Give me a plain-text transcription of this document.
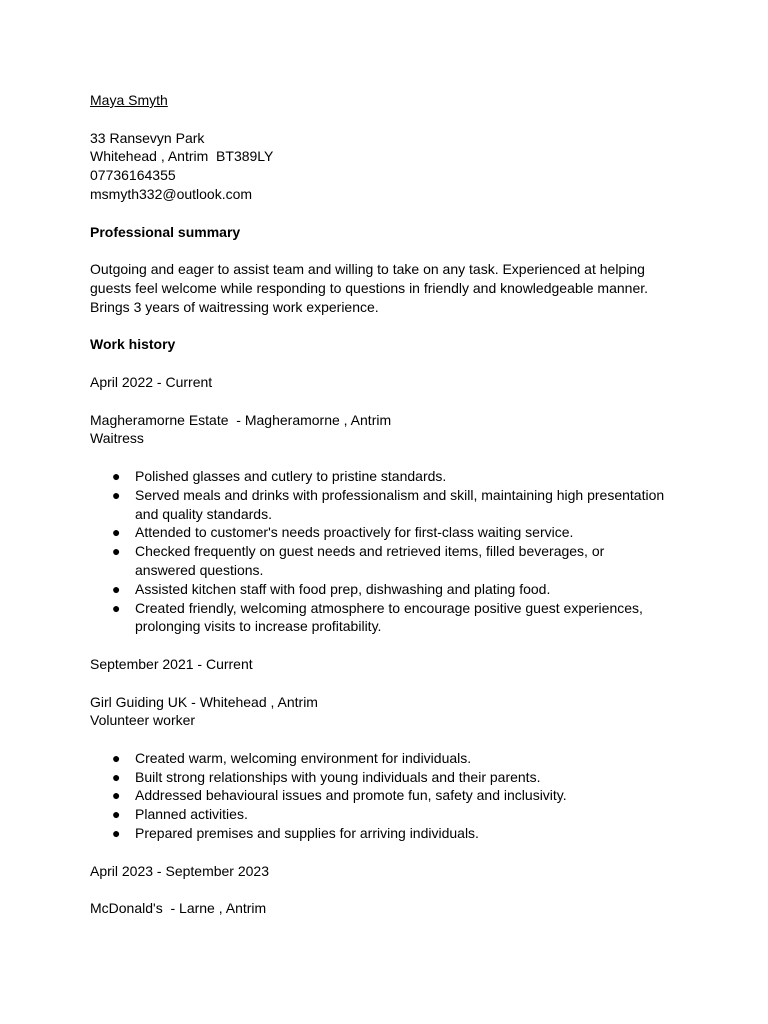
Maya Smyth
33 Ransevyn Park
Whitehead , Antrim  BT389LY
07736164355
msmyth332@outlook.com
Professional summary
Outgoing and eager to assist team and willing to take on any task. Experienced at helping guests feel welcome while responding to questions in friendly and knowledgeable manner. Brings 3 years of waitressing work experience.
Work history
April 2022 - Current
Magheramorne Estate  - Magheramorne , Antrim
Waitress
● Polished glasses and cutlery to pristine standards.
● Served meals and drinks with professionalism and skill, maintaining high presentation and quality standards.
● Attended to customer's needs proactively for first-class waiting service.
● Checked frequently on guest needs and retrieved items, filled beverages, or answered questions.
● Assisted kitchen staff with food prep, dishwashing and plating food.
● Created friendly, welcoming atmosphere to encourage positive guest experiences, prolonging visits to increase profitability.
September 2021 - Current
Girl Guiding UK - Whitehead , Antrim
Volunteer worker
● Created warm, welcoming environment for individuals.
● Built strong relationships with young individuals and their parents.
● Addressed behavioural issues and promote fun, safety and inclusivity.
● Planned activities.
● Prepared premises and supplies for arriving individuals.
April 2023 - September 2023
McDonald's  - Larne , Antrim
